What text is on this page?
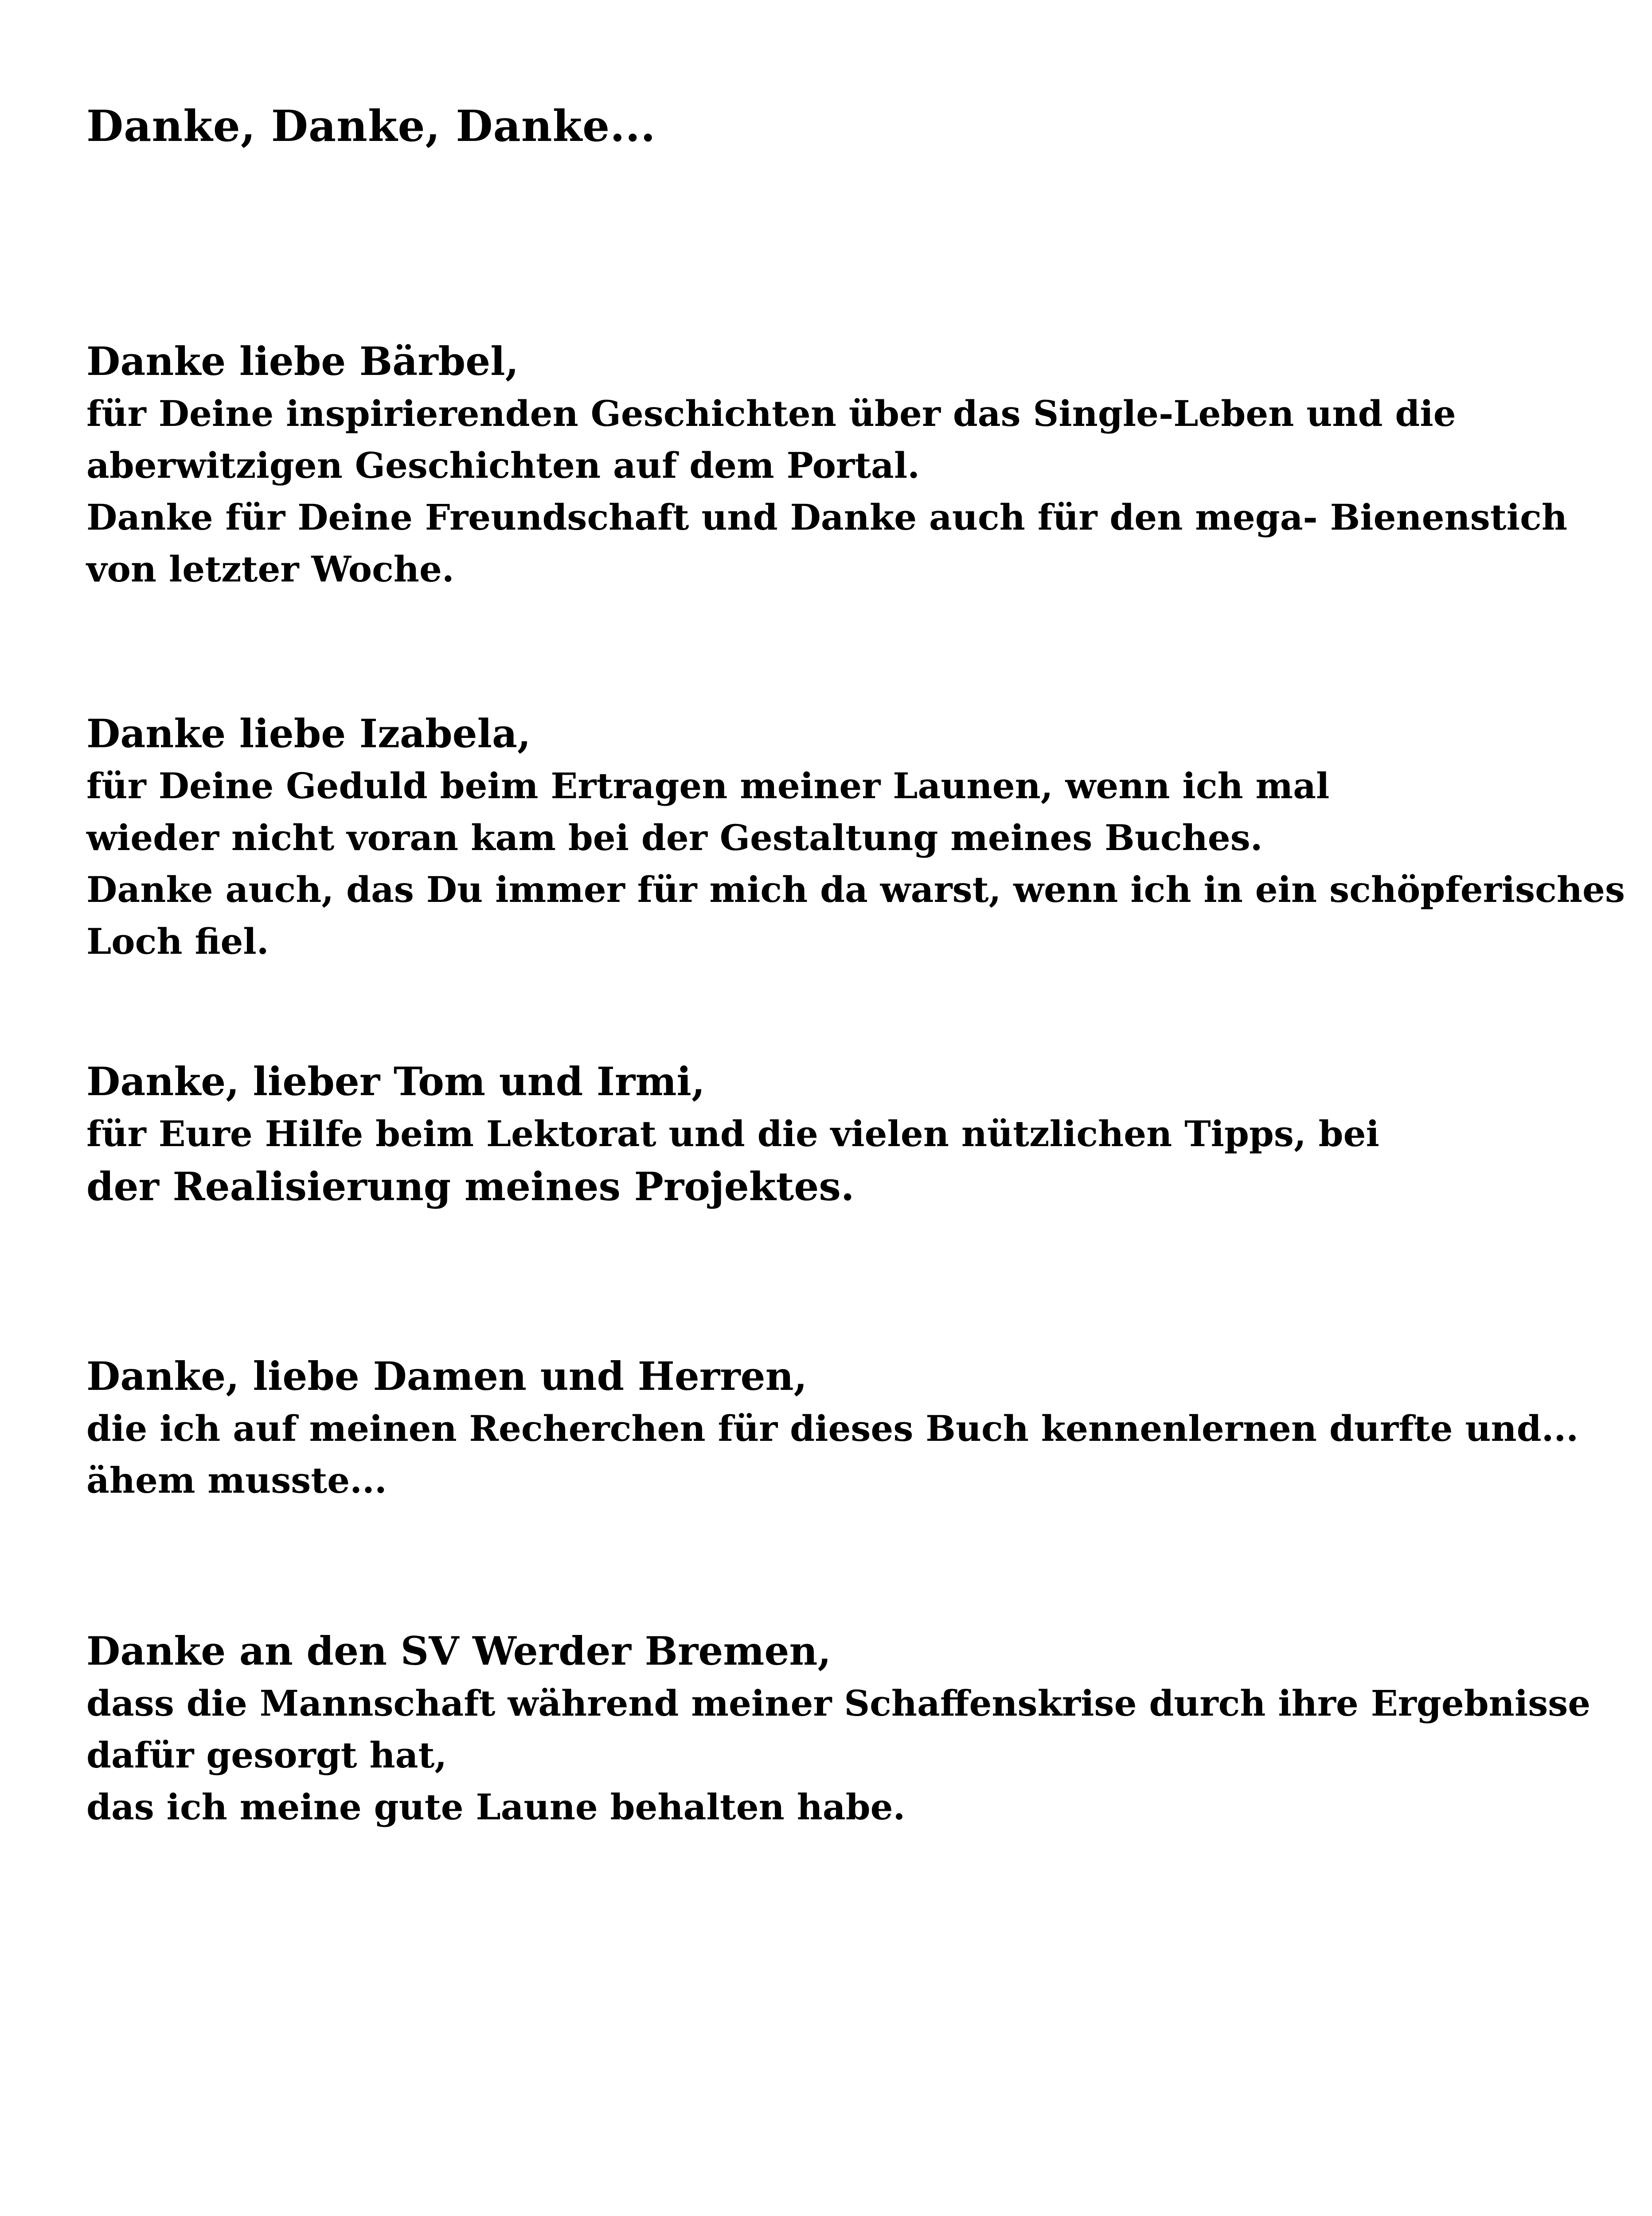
Danke, Danke, Danke...
Danke liebe Bärbel,
für Deine inspirierenden Geschichten über das Single-Leben und die
aberwitzigen Geschichten auf dem Portal.
Danke für Deine Freundschaft und Danke auch für den mega- Bienenstich
von letzter Woche.
Danke liebe Izabela,
für Deine Geduld beim Ertragen meiner Launen, wenn ich mal
wieder nicht voran kam bei der Gestaltung meines Buches.
Danke auch, das Du immer für mich da warst, wenn ich in ein schöpferisches
Loch fiel.
Danke, lieber Tom und Irmi,
für Eure Hilfe beim Lektorat und die vielen nützlichen Tipps, bei
der Realisierung meines Projektes.
Danke, liebe Damen und Herren,
die ich auf meinen Recherchen für dieses Buch kennenlernen durfte und...
ähem musste...
Danke an den SV Werder Bremen,
dass die Mannschaft während meiner Schaffenskrise durch ihre Ergebnisse
dafür gesorgt hat,
das ich meine gute Laune behalten habe.
